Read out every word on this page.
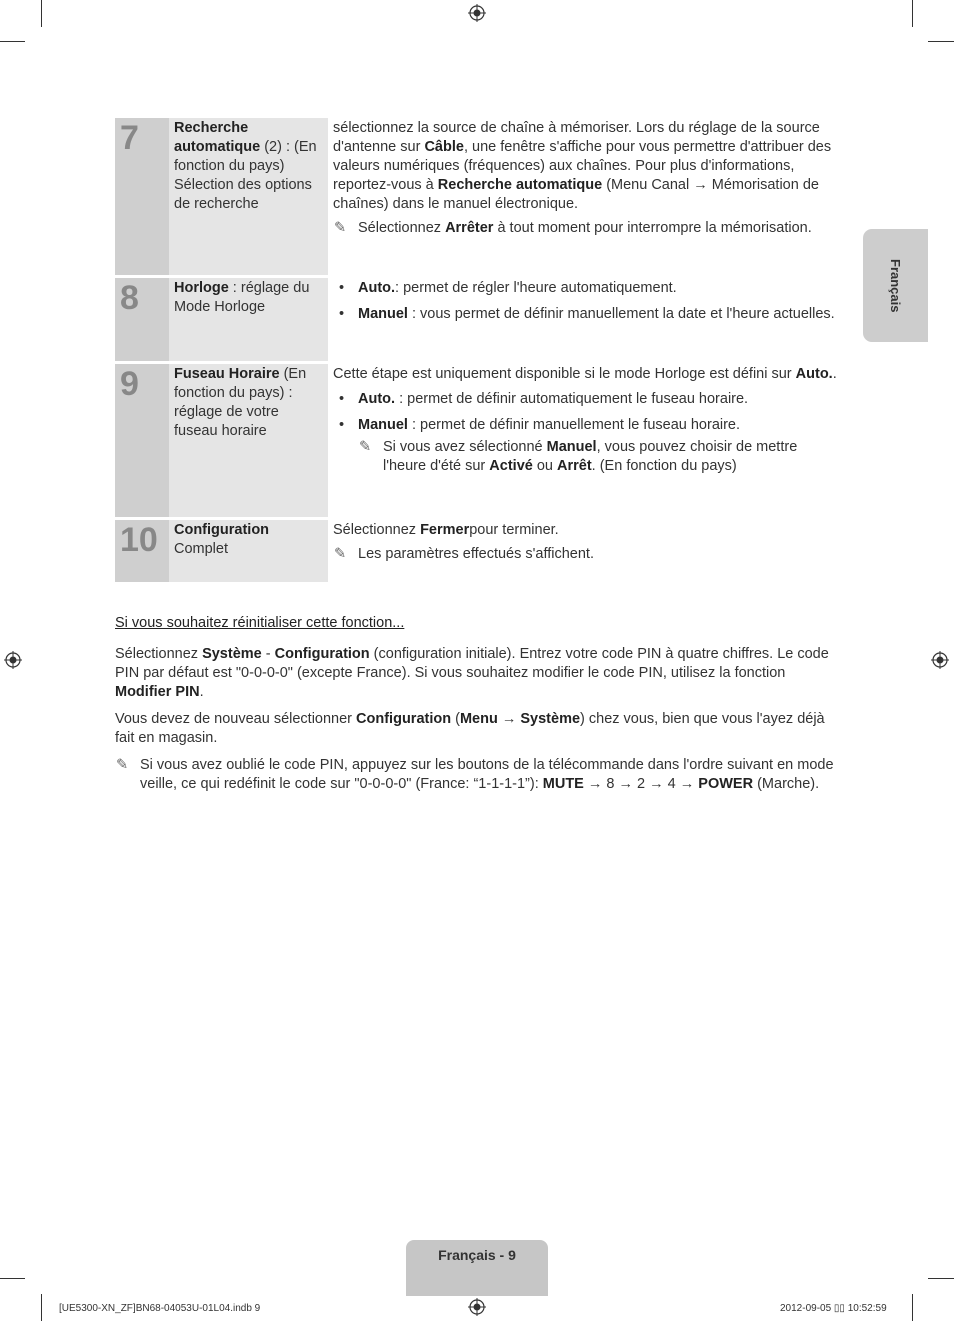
Français
7	Recherche automatique (2) : (En fonction du pays) Sélection des options de recherche

sélectionnez la source de chaîne à mémoriser. Lors du réglage de la source d'antenne sur Câble, une fenêtre s'affiche pour vous permettre d'attribuer des valeurs numériques (fréquences) aux chaînes. Pour plus d'informations, reportez-vous à Recherche automatique (Menu Canal → Mémorisation de chaînes) dans le manuel électronique.

✎ Sélectionnez Arrêter à tout moment pour interrompre la mémorisation.
8	Horloge : réglage du Mode Horloge
• Auto.: permet de régler l'heure automatiquement.
• Manuel : vous permet de définir manuellement la date et l'heure actuelles.
9	Fuseau Horaire (En fonction du pays) : réglage de votre fuseau horaire

Cette étape est uniquement disponible si le mode Horloge est défini sur Auto..

• Auto. : permet de définir automatiquement le fuseau horaire.
• Manuel : permet de définir manuellement le fuseau horaire.
✎ Si vous avez sélectionné Manuel, vous pouvez choisir de mettre l'heure d'été sur Activé ou Arrêt. (En fonction du pays)
10	Configuration
Complet

Sélectionnez Fermerpour terminer.

✎ Les paramètres effectués s'affichent.
Si vous souhaitez réinitialiser cette fonction...

Sélectionnez Système - Configuration (configuration initiale). Entrez votre code PIN à quatre chiffres. Le code PIN par défaut est "0-0-0-0" (excepte France). Si vous souhaitez modifier le code PIN, utilisez la fonction Modifier PIN.

Vous devez de nouveau sélectionner Configuration (Menu → Système) chez vous, bien que vous l'ayez déjà fait en magasin.

✎ Si vous avez oublié le code PIN, appuyez sur les boutons de la télécommande dans l'ordre suivant en mode veille, ce qui redéfinit le code sur "0-0-0-0" (France: “1-1-1-1”): MUTE → 8 → 2 → 4 → POWER (Marche).
Français - 9
[UE5300-XN_ZF]BN68-04053U-01L04.indb 9	2012-09-05 ▯▯ 10:52:59
